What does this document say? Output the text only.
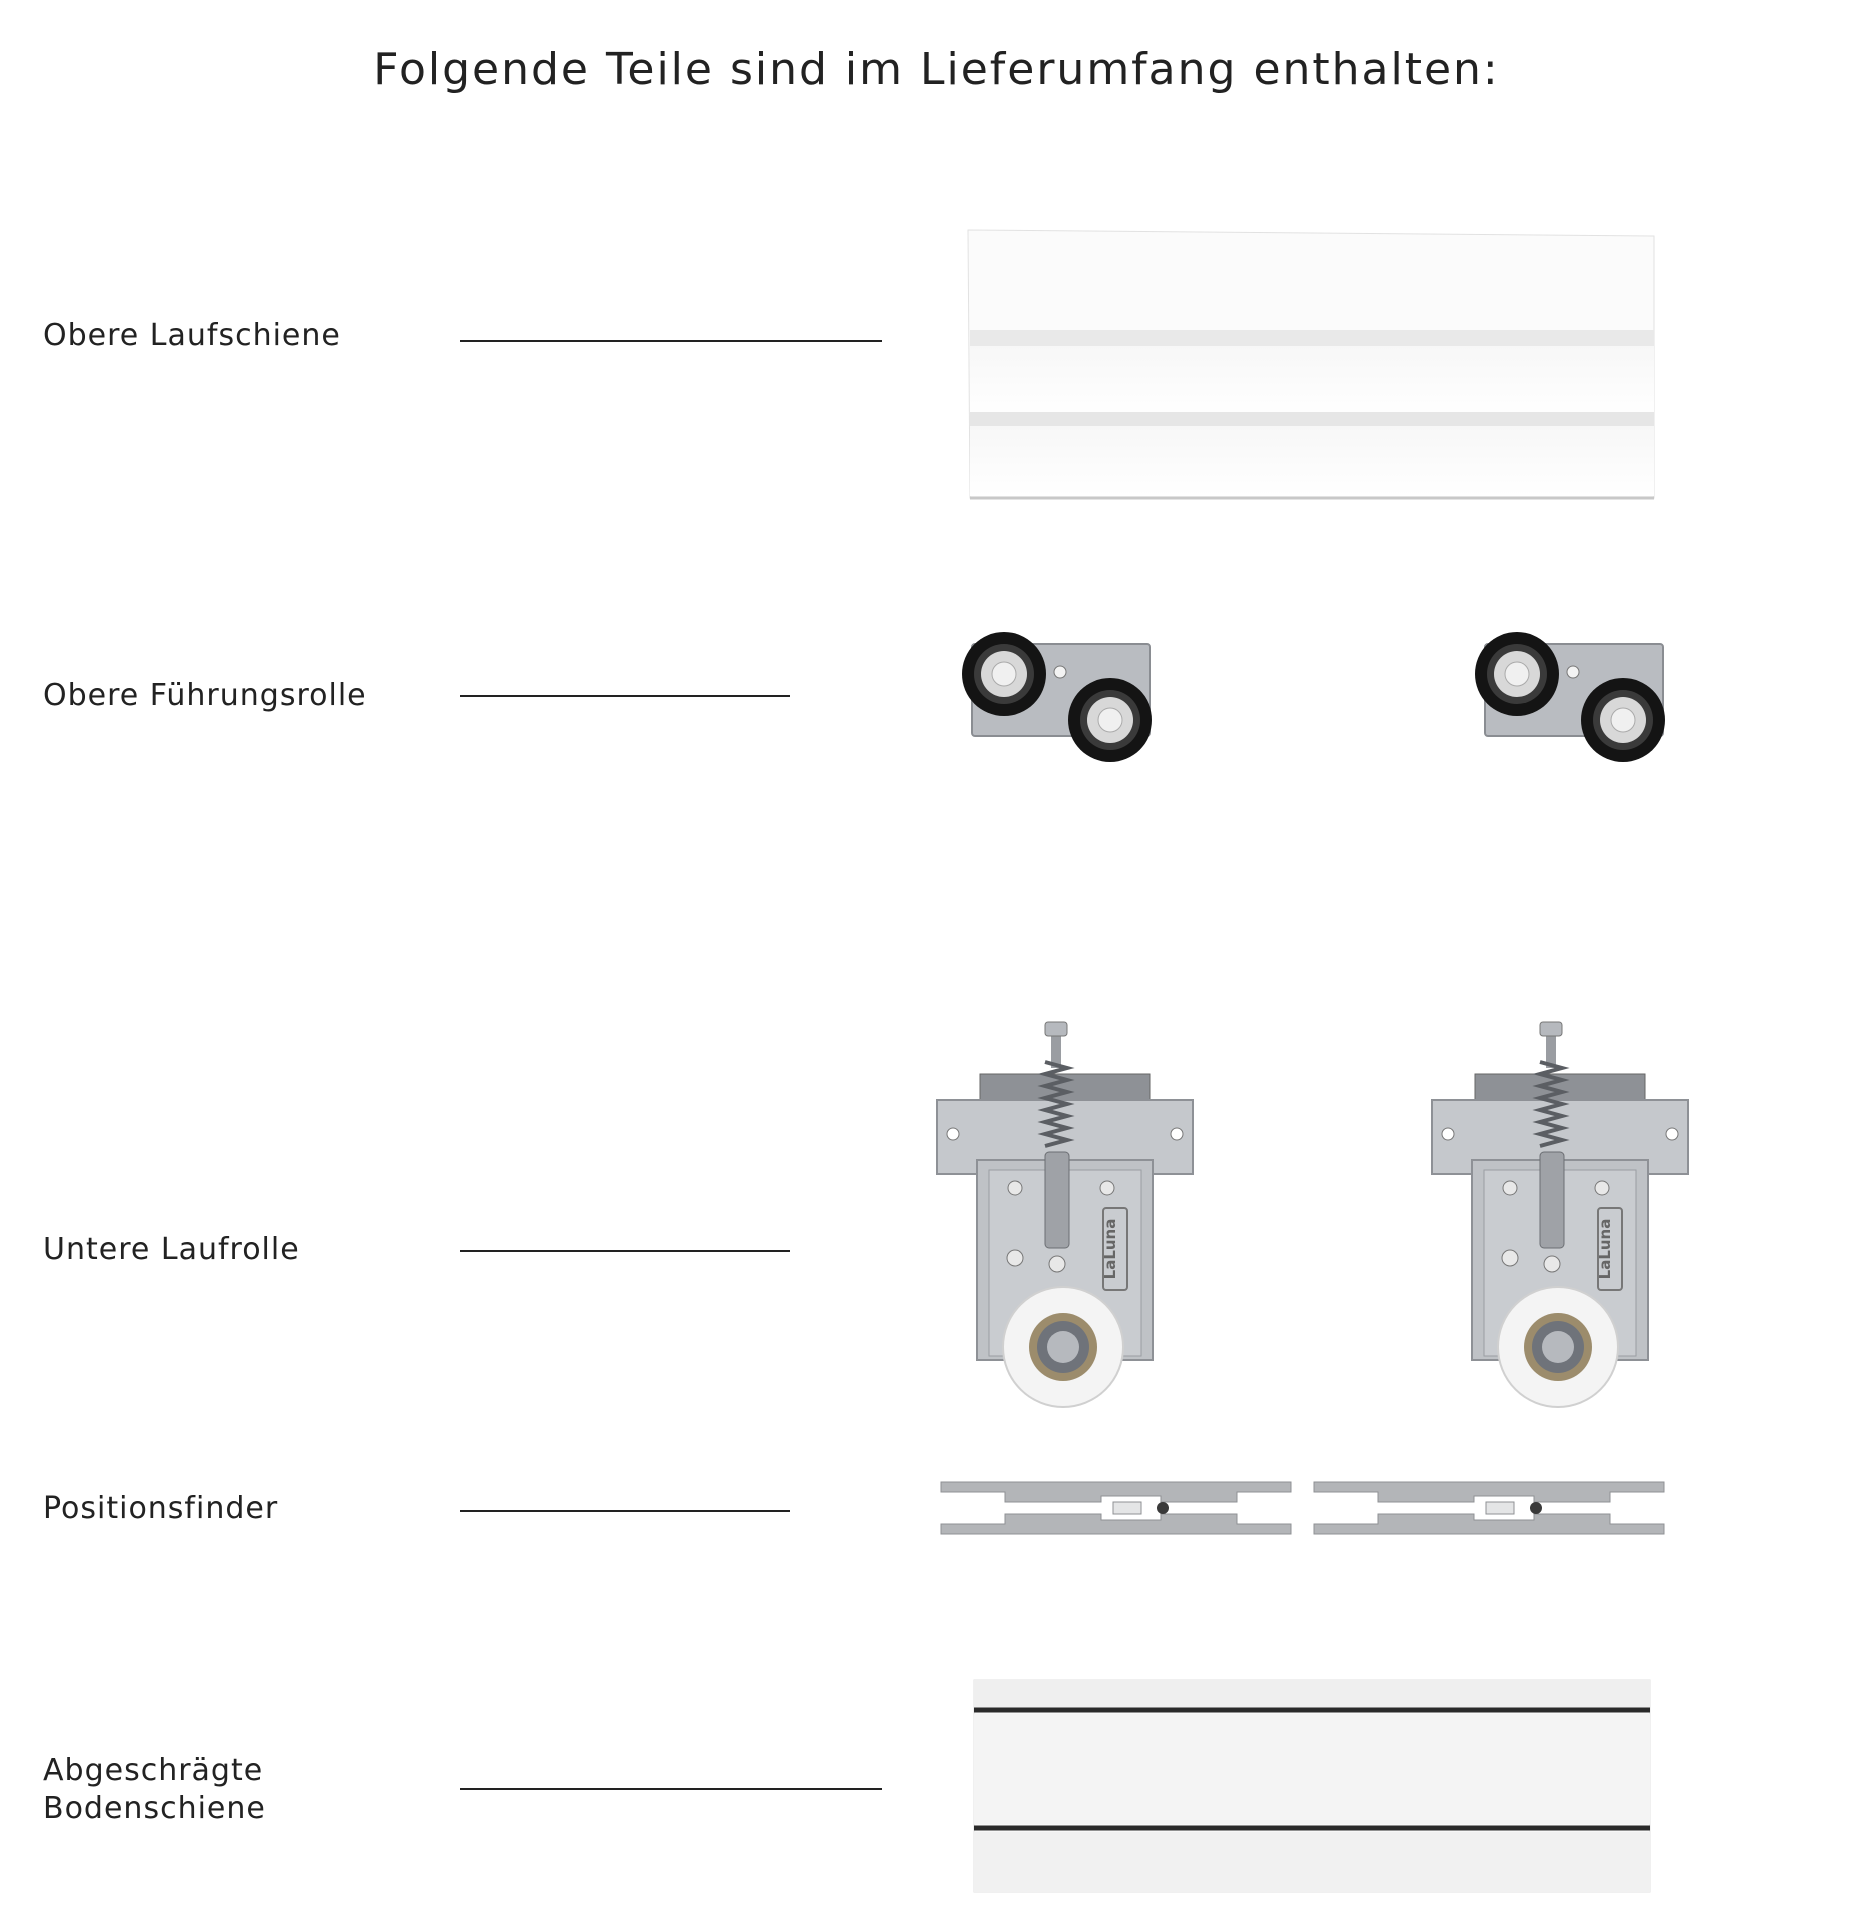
Folgende Teile sind im Lieferumfang enthalten:
Obere Laufschiene
Obere Führungsrolle
Untere Laufrolle	LaLuna	LaLuna
Positionsfinder
Abgeschrägte
Bodenschiene
